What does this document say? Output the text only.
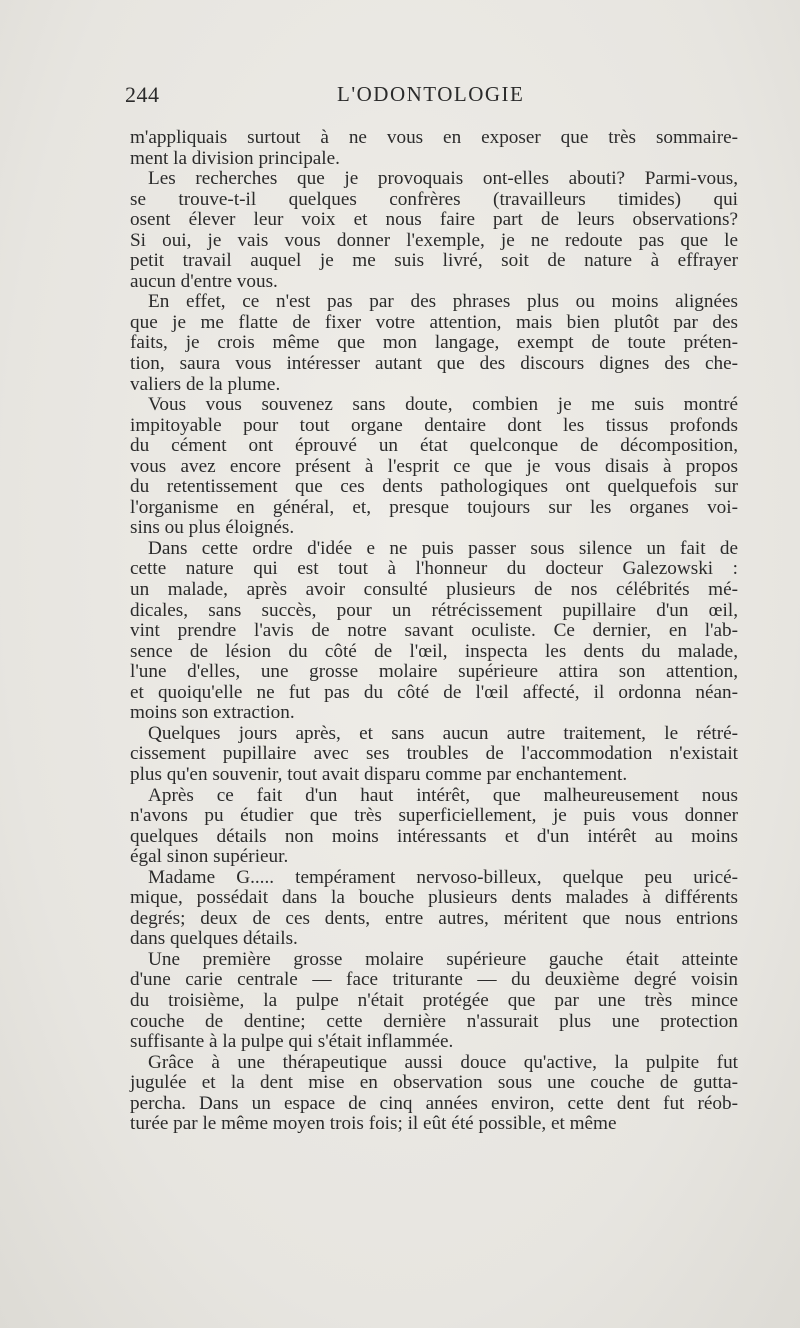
244	L'ODONTOLOGIE
m'appliquais surtout à ne vous en exposer que très sommaire-
ment la division principale.
Les recherches que je provoquais ont-elles abouti? Parmi-vous,
se trouve-t-il quelques confrères (travailleurs timides) qui
osent élever leur voix et nous faire part de leurs observations?
Si oui, je vais vous donner l'exemple, je ne redoute pas que le
petit travail auquel je me suis livré, soit de nature à effrayer
aucun d'entre vous.
En effet, ce n'est pas par des phrases plus ou moins alignées
que je me flatte de fixer votre attention, mais bien plutôt par des
faits, je crois même que mon langage, exempt de toute préten-
tion, saura vous intéresser autant que des discours dignes des che-
valiers de la plume.
Vous vous souvenez sans doute, combien je me suis montré
impitoyable pour tout organe dentaire dont les tissus profonds
du cément ont éprouvé un état quelconque de décomposition,
vous avez encore présent à l'esprit ce que je vous disais à propos
du retentissement que ces dents pathologiques ont quelquefois sur
l'organisme en général, et, presque toujours sur les organes voi-
sins ou plus éloignés.
Dans cette ordre d'idée e ne puis passer sous silence un fait de
cette nature qui est tout à l'honneur du docteur Galezowski :
un malade, après avoir consulté plusieurs de nos célébrités mé-
dicales, sans succès, pour un rétrécissement pupillaire d'un œil,
vint prendre l'avis de notre savant oculiste. Ce dernier, en l'ab-
sence de lésion du côté de l'œil, inspecta les dents du malade,
l'une d'elles, une grosse molaire supérieure attira son attention,
et quoiqu'elle ne fut pas du côté de l'œil affecté, il ordonna néan-
moins son extraction.
Quelques jours après, et sans aucun autre traitement, le rétré-
cissement pupillaire avec ses troubles de l'accommodation n'existait
plus qu'en souvenir, tout avait disparu comme par enchantement.
Après ce fait d'un haut intérêt, que malheureusement nous
n'avons pu étudier que très superficiellement, je puis vous donner
quelques détails non moins intéressants et d'un intérêt au moins
égal sinon supérieur.
Madame G..... tempérament nervoso-billeux, quelque peu uricé-
mique, possédait dans la bouche plusieurs dents malades à différents
degrés; deux de ces dents, entre autres, méritent que nous entrions
dans quelques détails.
Une première grosse molaire supérieure gauche était atteinte
d'une carie centrale — face triturante — du deuxième degré voisin
du troisième, la pulpe n'était protégée que par une très mince
couche de dentine; cette dernière n'assurait plus une protection
suffisante à la pulpe qui s'était inflammée.
Grâce à une thérapeutique aussi douce qu'active, la pulpite fut
jugulée et la dent mise en observation sous une couche de gutta-
percha. Dans un espace de cinq années environ, cette dent fut réob-
turée par le même moyen trois fois; il eût été possible, et même
